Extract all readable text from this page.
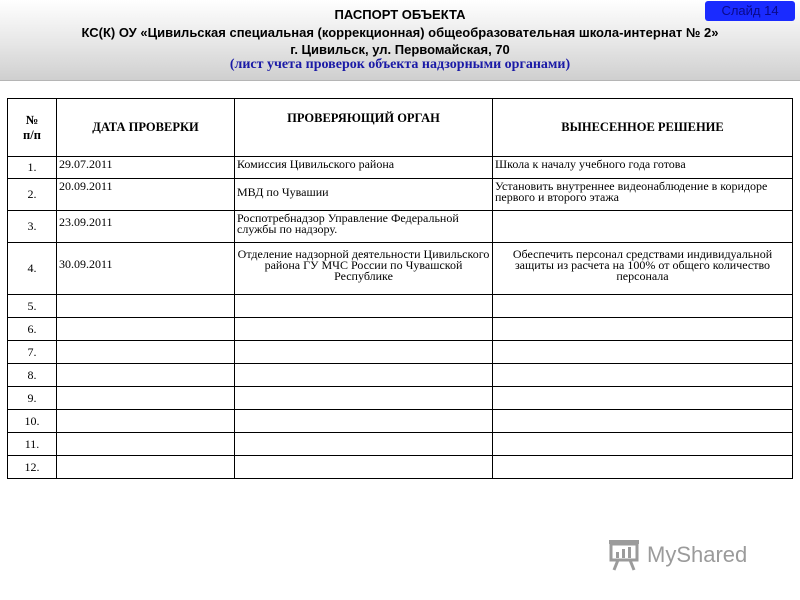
ПАСПОРТ ОБЪЕКТА
КС(К) ОУ «Цивильская специальная (коррекционная) общеобразовательная школа-интернат № 2»
г. Цивильск, ул. Первомайская, 70
(лист учета проверок объекта надзорными органами)
Слайд 14
№
п/п	ДАТА ПРОВЕРКИ	ПРОВЕРЯЮЩИЙ ОРГАН	ВЫНЕСЕННОЕ РЕШЕНИЕ
1.	29.07.2011	Комиссия Цивильского района	Школа к началу учебного года готова

2.	20.09.2011	МВД по Чувашии	Установить внутреннее видеонаблюдение в коридоре первого и второго этажа

3.	23.09.2011	Роспотребнадзор Управление Федеральной службы по надзору.	

4.	30.09.2011	Отделение надзорной деятельности Цивильского района ГУ МЧС России по Чувашской Республике	Обеспечить персонал средствами индивидуальной защиты из расчета на 100% от общего количество персонала

5.			
6.			
7.			
8.			
9.			
10.			
11.			
12.			
MyShared
